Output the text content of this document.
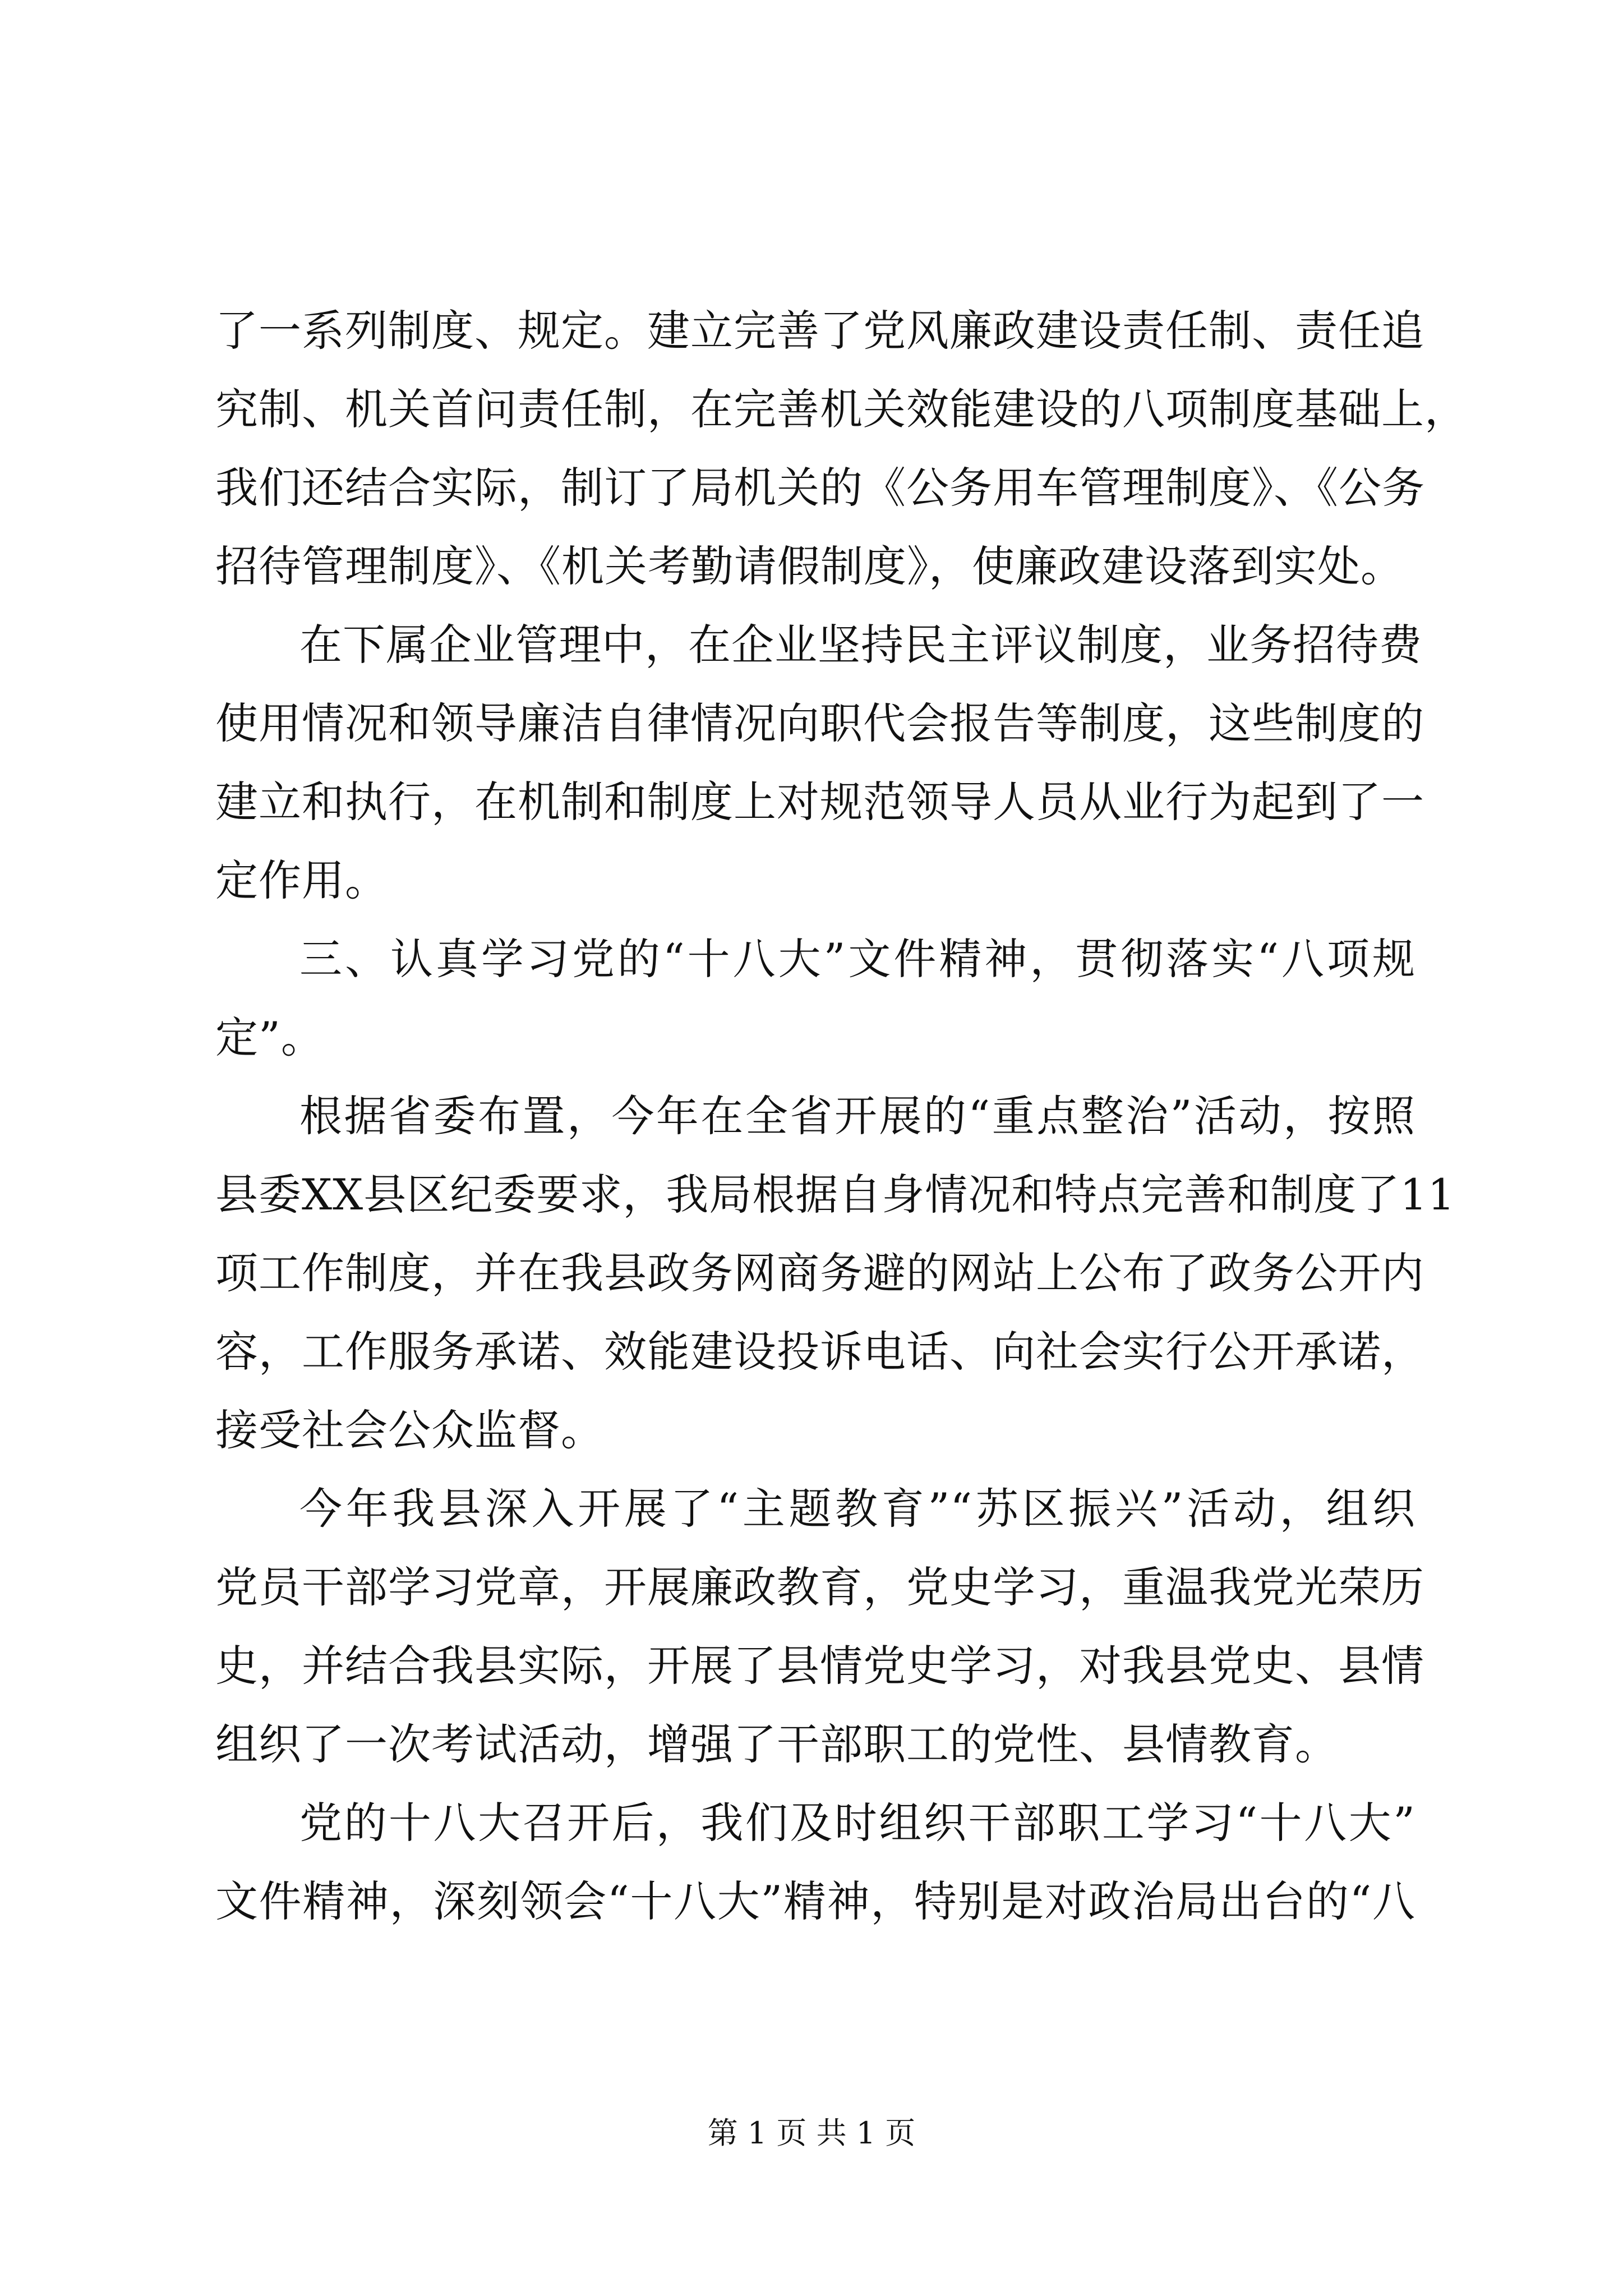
了一系列制度、规定。建立完善了党风廉政建设责任制、责任追
究制、机关首问责任制，在完善机关效能建设的八项制度基础上，
我们还结合实际，制订了局机关的《公务用车管理制度》、《公务
招待管理制度》、《机关考勤请假制度》，使廉政建设落到实处。
在下属企业管理中，在企业坚持民主评议制度，业务招待费
使用情况和领导廉洁自律情况向职代会报告等制度，这些制度的
建立和执行，在机制和制度上对规范领导人员从业行为起到了一
定作用。
三、认真学习党的“十八大”文件精神，贯彻落实“八项规
定”。
根据省委布置，今年在全省开展的“重点整治”活动，按照
县委XX县区纪委要求，我局根据自身情况和特点完善和制度了11
项工作制度，并在我县政务网商务避的网站上公布了政务公开内
容，工作服务承诺、效能建设投诉电话、向社会实行公开承诺，
接受社会公众监督。
今年我县深入开展了“主题教育”“苏区振兴”活动，组织
党员干部学习党章，开展廉政教育，党史学习，重温我党光荣历
史，并结合我县实际，开展了县情党史学习，对我县党史、县情
组织了一次考试活动，增强了干部职工的党性、县情教育。
党的十八大召开后，我们及时组织干部职工学习“十八大”
文件精神，深刻领会“十八大”精神，特别是对政治局出台的“八
第 1 页 共 1 页
